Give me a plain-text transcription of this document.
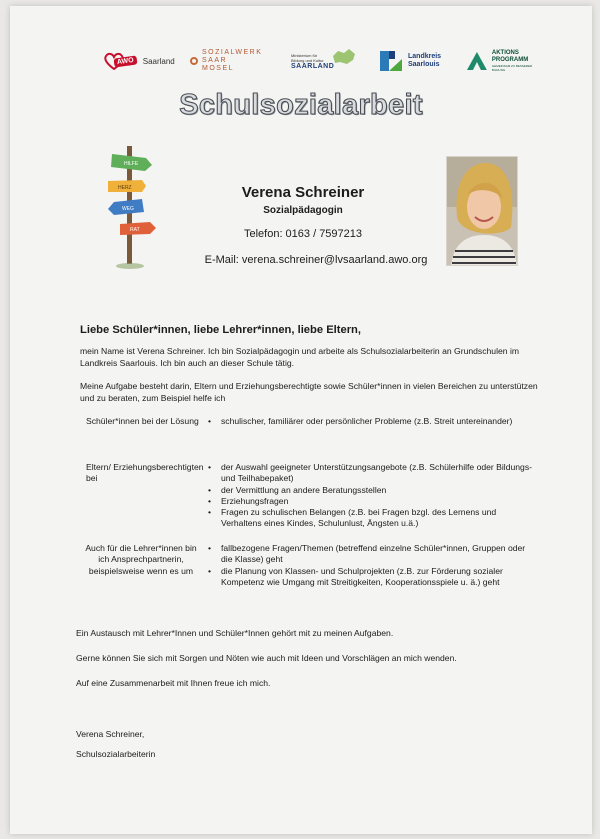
AWO	Saarland
SOZIALWERK
SAAR
MOSEL
Ministerium für Bildung und Kultur
SAARLAND
Landkreis
Saarlouis
AKTIONS
PROGRAMM
GEMEINSAM ZU BESSERER BILDUNG
Schulsozialarbeit
HILFE
HERZ
WEG
RAT
Verena Schreiner
Sozialpädagogin
Telefon: 0163 / 7597213
E-Mail: verena.schreiner@lvsaarland.awo.org
Liebe Schüler*innen, liebe Lehrer*innen, liebe Eltern,

mein Name ist Verena Schreiner. Ich bin Sozialpädagogin und arbeite als Schulsozialarbeiterin an Grundschulen im Landkreis Saarlouis. Ich bin auch an dieser Schule tätig.

Meine Aufgabe besteht darin, Eltern und Erziehungsberechtigte sowie Schüler*innen in vielen Bereichen zu unterstützen und zu beraten, zum Beispiel helfe ich

Schüler*innen bei der Lösung
•	schulischer, familiärer oder persönlicher Probleme (z.B. Streit untereinander)
Eltern/ Erziehungsberechtigten bei
• der Auswahl geeigneter Unterstützungsangebote (z.B. Schülerhilfe oder Bildungs- und Teilhabepaket)
• der Vermittlung an andere Beratungsstellen
• Erziehungsfragen
• Fragen zu schulischen Belangen (z.B. bei Fragen bzgl. des Lernens und Verhaltens eines Kindes, Schulunlust, Ängsten u.ä.)
Auch für die Lehrer*innen bin ich Ansprechpartnerin, beispielsweise wenn es um
• fallbezogene Fragen/Themen (betreffend einzelne Schüler*innen, Gruppen oder die Klasse) geht
• die Planung von Klassen- und Schulprojekten (z.B. zur Förderung sozialer Kompetenz wie Umgang mit Streitigkeiten, Kooperationsspiele u. ä.) geht
Ein Austausch mit Lehrer*Innen und Schüler*Innen gehört mit zu meinen Aufgaben.
Gerne können Sie sich mit Sorgen und Nöten wie auch mit Ideen und Vorschlägen an mich wenden.
Auf eine Zusammenarbeit mit Ihnen freue ich mich.
Verena Schreiner,
Schulsozialarbeiterin
